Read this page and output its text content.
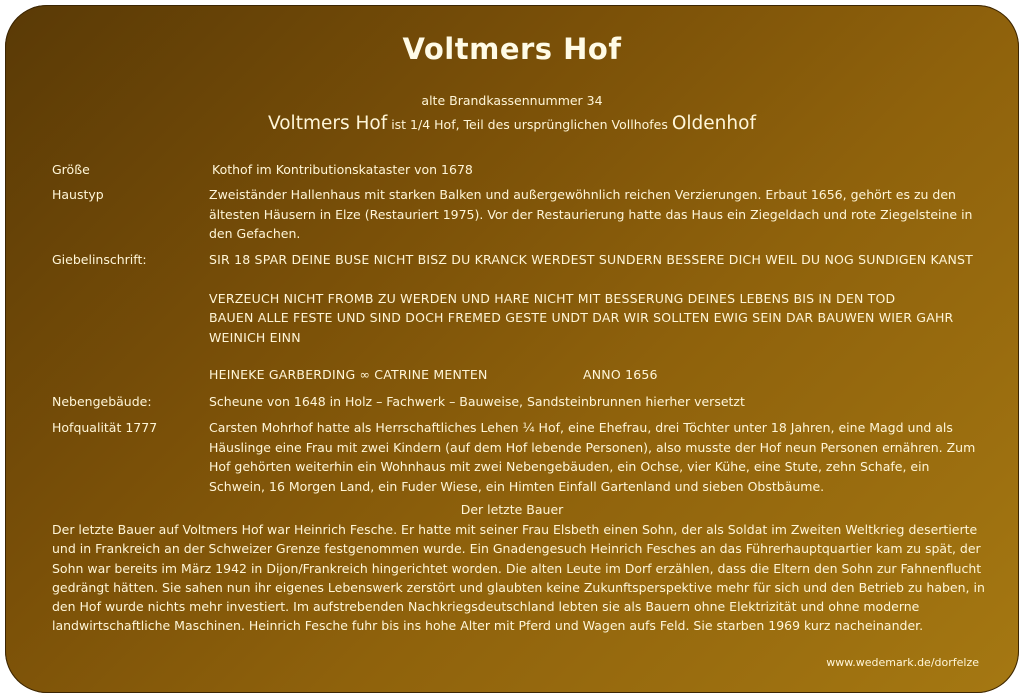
Voltmers Hof
alte Brandkassennummer 34
Voltmers Hof ist 1/4 Hof, Teil des ursprünglichen Vollhofes Oldenhof
Größe	Kothof im Kontributionskataster von 1678
Haustyp	Zweiständer Hallenhaus mit starken Balken und außergewöhnlich reichen Verzierungen. Erbaut 1656, gehört es zu den ältesten Häusern in Elze (Restauriert 1975). Vor der Restaurierung hatte das Haus ein Ziegeldach und rote Ziegelsteine in den Gefachen.
Giebelinschrift:	SIR 18 SPAR DEINE BUSE NICHT BISZ DU KRANCK WERDEST SUNDERN BESSERE DICH WEIL DU NOG SUNDIGEN KANST
VERZEUCH NICHT FROMB ZU WERDEN UND HARE NICHT MIT BESSERUNG DEINES LEBENS BIS IN DEN TOD
BAUEN ALLE FESTE UND SIND DOCH FREMED GESTE UNDT DAR WIR SOLLTEN EWIG SEIN DAR BAUWEN WIER GAHR WEINICH EINN
HEINEKE GARBERDING ∞ CATRINE MENTEN	ANNO 1656
Nebengebäude:	Scheune von 1648 in Holz – Fachwerk – Bauweise, Sandsteinbrunnen hierher versetzt
Hofqualität 1777	Carsten Mohrhof hatte als Herrschaftliches Lehen ¼ Hof, eine Ehefrau, drei Töchter unter 18 Jahren, eine Magd und als Häuslinge eine Frau mit zwei Kindern (auf dem Hof lebende Personen), also musste der Hof neun Personen ernähren. Zum Hof gehörten weiterhin ein Wohnhaus mit zwei Nebengebäuden, ein Ochse, vier Kühe, eine Stute, zehn Schafe, ein Schwein, 16 Morgen Land, ein Fuder Wiese, ein Himten Einfall Gartenland und sieben Obstbäume.
Der letzte Bauer
Der letzte Bauer auf Voltmers Hof war Heinrich Fesche. Er hatte mit seiner Frau Elsbeth einen Sohn, der als Soldat im Zweiten Weltkrieg desertierte und in Frankreich an der Schweizer Grenze festgenommen wurde. Ein Gnadengesuch Heinrich Fesches an das Führerhauptquartier kam zu spät, der Sohn war bereits im März 1942 in Dijon/Frankreich hingerichtet worden. Die alten Leute im Dorf erzählen, dass die Eltern den Sohn zur Fahnenflucht gedrängt hätten. Sie sahen nun ihr eigenes Lebenswerk zerstört und glaubten keine Zukunftsperspektive mehr für sich und den Betrieb zu haben, in den Hof wurde nichts mehr investiert. Im aufstrebenden Nachkriegsdeutschland lebten sie als Bauern ohne Elektrizität und ohne moderne landwirtschaftliche Maschinen. Heinrich Fesche fuhr bis ins hohe Alter mit Pferd und Wagen aufs Feld. Sie starben 1969 kurz nacheinander.
www.wedemark.de/dorfelze
